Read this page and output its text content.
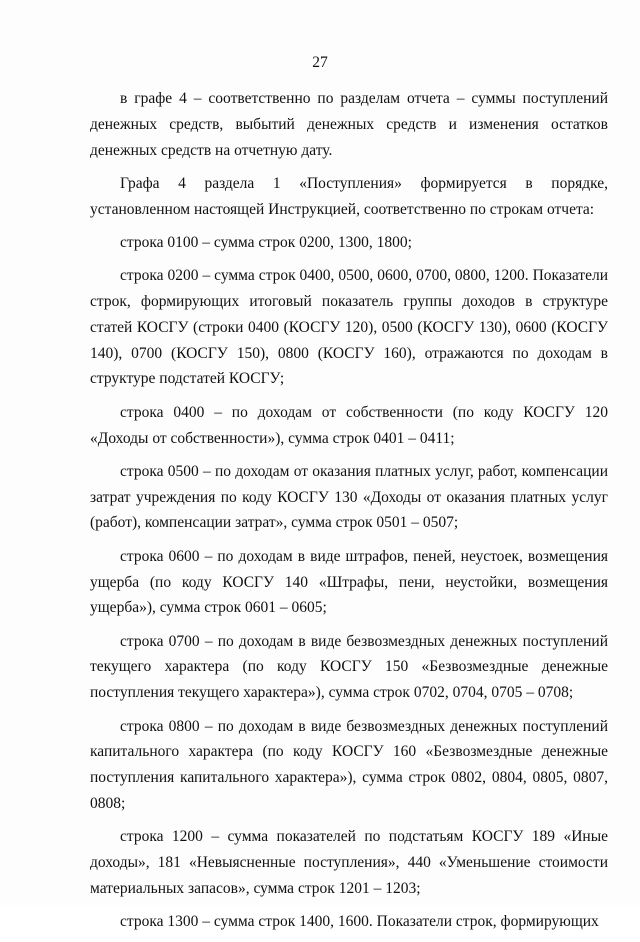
27

в графе 4 – соответственно по разделам отчета – суммы поступлений денежных средств, выбытий денежных средств и изменения остатков денежных средств на отчетную дату.

Графа 4 раздела 1 «Поступления» формируется в порядке, установленном настоящей Инструкцией, соответственно по строкам отчета:

строка 0100 – сумма строк 0200, 1300, 1800;

строка 0200 – сумма строк 0400, 0500, 0600, 0700, 0800, 1200. Показатели строк, формирующих итоговый показатель группы доходов в структуре статей КОСГУ (строки 0400 (КОСГУ 120), 0500 (КОСГУ 130), 0600 (КОСГУ 140), 0700 (КОСГУ 150), 0800 (КОСГУ 160), отражаются по доходам в структуре подстатей КОСГУ;

строка 0400 – по доходам от собственности (по коду КОСГУ 120 «Доходы от собственности»), сумма строк 0401 – 0411;

строка 0500 – по доходам от оказания платных услуг, работ, компенсации затрат учреждения по коду КОСГУ 130 «Доходы от оказания платных услуг (работ), компенсации затрат», сумма строк 0501 – 0507;

строка 0600 – по доходам в виде штрафов, пеней, неустоек, возмещения ущерба (по коду КОСГУ 140 «Штрафы, пени, неустойки, возмещения ущерба»), сумма строк 0601 – 0605;

строка 0700 – по доходам в виде безвозмездных денежных поступлений текущего характера (по коду КОСГУ 150 «Безвозмездные денежные поступления текущего характера»), сумма строк 0702, 0704, 0705 – 0708;

строка 0800 – по доходам в виде безвозмездных денежных поступлений капитального характера (по коду КОСГУ 160 «Безвозмездные денежные поступления капитального характера»), сумма строк 0802, 0804, 0805, 0807, 0808;

строка 1200 – сумма показателей по подстатьям КОСГУ 189 «Иные доходы», 181 «Невыясненные поступления», 440 «Уменьшение стоимости материальных запасов», сумма строк 1201 – 1203;

строка 1300 – сумма строк 1400, 1600. Показатели строк, формирующих
